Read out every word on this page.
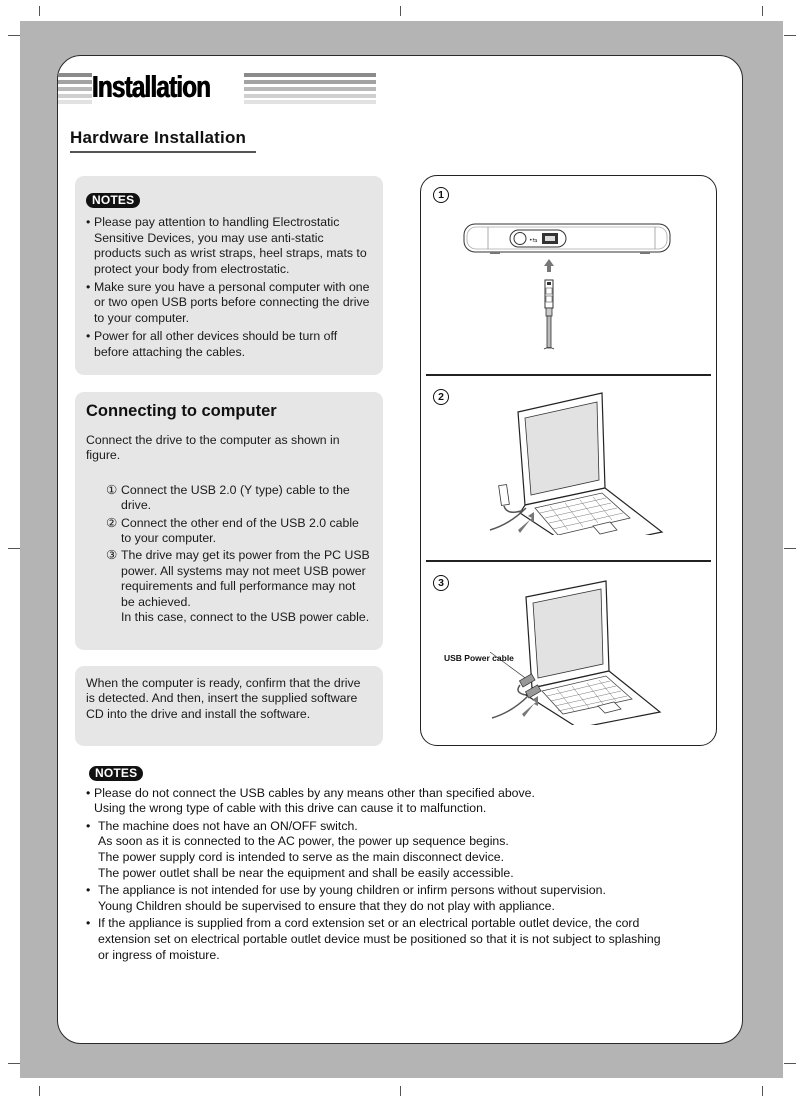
Installation
Hardware Installation
NOTES
• Please pay attention to handling Electrostatic Sensitive Devices, you may use anti-static products such as wrist straps, heel straps, mats to protect your body from electrostatic.
• Make sure you have a personal computer with one or two open USB ports before connecting the drive to your computer.
• Power for all other devices should be turn off before attaching the cables.
Connecting to computer

Connect the drive to the computer as shown in figure.

① Connect the USB 2.0 (Y type) cable to the drive.
② Connect the other end of the USB 2.0 cable to your computer.
③ The drive may get its power from the PC USB power. All systems may not meet USB power requirements and full performance may not be achieved.
In this case, connect to the USB power cable.

When the computer is ready, confirm that the drive is detected. And then, insert the supplied software CD into the drive and install the software.

1
2
3
•⇆
USB Power cable
NOTES
• Please do not connect the USB cables by any means other than specified above.
Using the wrong type of cable with this drive can cause it to malfunction.
• The machine does not have an ON/OFF switch.
As soon as it is connected to the AC power, the power up sequence begins.
The power supply cord is intended to serve as the main disconnect device.
The power outlet shall be near the equipment and shall be easily accessible.
• The appliance is not intended for use by young children or infirm persons without supervision.
Young Children should be supervised to ensure that they do not play with appliance.
• If the appliance is supplied from a cord extension set or an electrical portable outlet device, the cord
extension set on electrical portable outlet device must be positioned so that it is not subject to splashing
or ingress of moisture.
